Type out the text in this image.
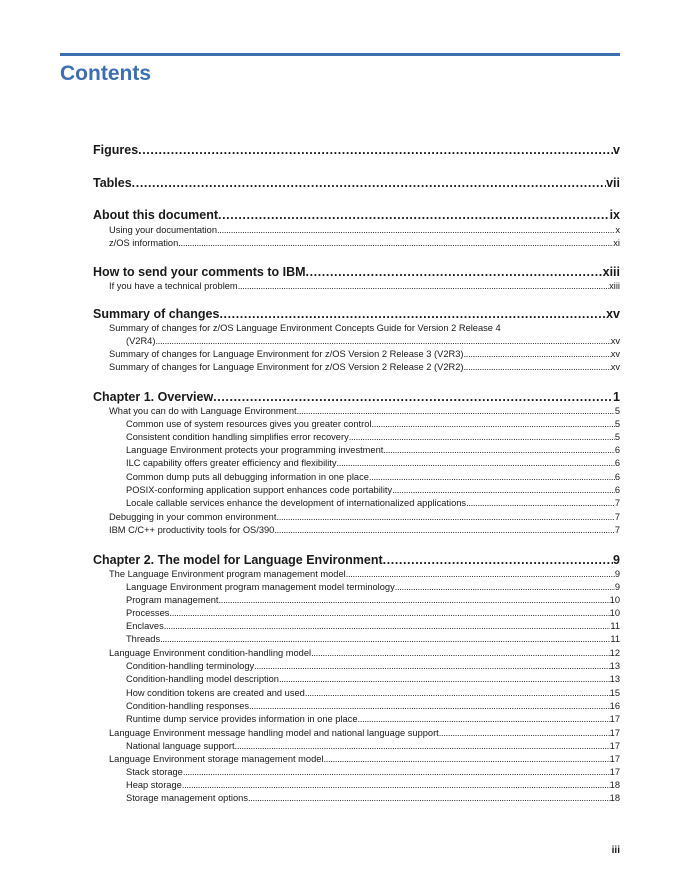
Contents
Figures .....	v
Tables .....	vii
About this document .....	ix
Using your documentation .....	x
z/OS information .....	xi
How to send your comments to IBM .....	xiii
If you have a technical problem .....	xiii
Summary of changes .....	xv
Summary of changes for z/OS Language Environment Concepts Guide for Version 2 Release 4
(V2R4) .....	xv
Summary of changes for Language Environment for z/OS Version 2 Release 3 (V2R3) .....	xv
Summary of changes for Language Environment for z/OS Version 2 Release 2 (V2R2) .....	xv
Chapter 1. Overview .....	1
What you can do with Language Environment .....	5
Common use of system resources gives you greater control .....	5
Consistent condition handling simplifies error recovery .....	5
Language Environment protects your programming investment .....	6
ILC capability offers greater efficiency and flexibility .....	6
Common dump puts all debugging information in one place .....	6
POSIX-conforming application support enhances code portability .....	6
Locale callable services enhance the development of internationalized applications .....	7
Debugging in your common environment .....	7
IBM C/C++ productivity tools for OS/390 .....	7
Chapter 2. The model for Language Environment .....	9
The Language Environment program management model .....	9
Language Environment program management model terminology .....	9
Program management .....	10
Processes .....	10
Enclaves .....	11
Threads .....	11
Language Environment condition-handling model .....	12
Condition-handling terminology .....	13
Condition-handling model description .....	13
How condition tokens are created and used .....	15
Condition-handling responses .....	16
Runtime dump service provides information in one place .....	17
Language Environment message handling model and national language support .....	17
National language support .....	17
Language Environment storage management model .....	17
Stack storage .....	17
Heap storage .....	18
Storage management options .....	18
iii
